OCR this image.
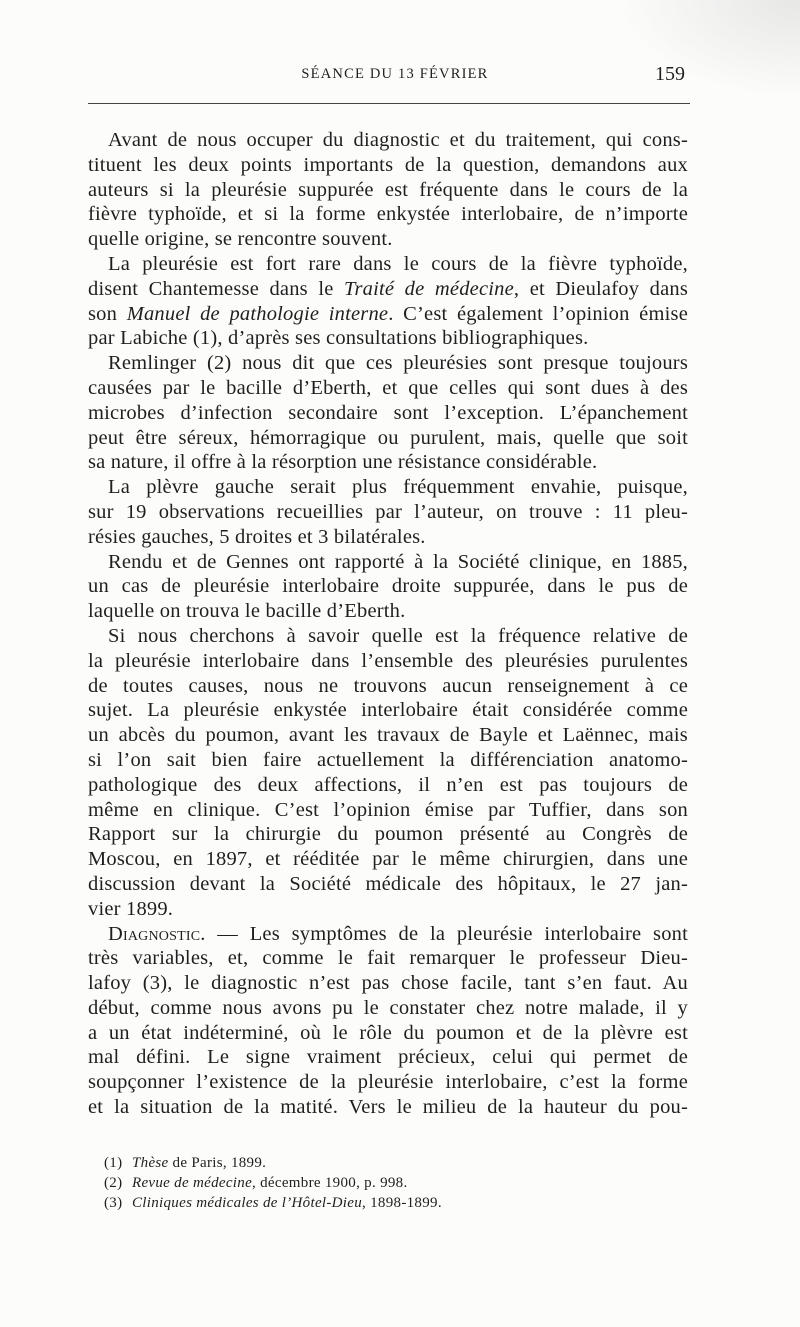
SÉANCE DU 13 FÉVRIER	159
Avant de nous occuper du diagnostic et du traitement, qui cons-
tituent les deux points importants de la question, demandons aux
auteurs si la pleurésie suppurée est fréquente dans le cours de la
fièvre typhoïde, et si la forme enkystée interlobaire, de n’importe
quelle origine, se rencontre souvent.
La pleurésie est fort rare dans le cours de la fièvre typhoïde,
disent Chantemesse dans le Traité de médecine, et Dieulafoy dans
son Manuel de pathologie interne. C’est également l’opinion émise
par Labiche (1), d’après ses consultations bibliographiques.
Remlinger (2) nous dit que ces pleurésies sont presque toujours
causées par le bacille d’Eberth, et que celles qui sont dues à des
microbes d’infection secondaire sont l’exception. L’épanchement
peut être séreux, hémorragique ou purulent, mais, quelle que soit
sa nature, il offre à la résorption une résistance considérable.
La plèvre gauche serait plus fréquemment envahie, puisque,
sur 19 observations recueillies par l’auteur, on trouve : 11 pleu-
résies gauches, 5 droites et 3 bilatérales.
Rendu et de Gennes ont rapporté à la Société clinique, en 1885,
un cas de pleurésie interlobaire droite suppurée, dans le pus de
laquelle on trouva le bacille d’Eberth.
Si nous cherchons à savoir quelle est la fréquence relative de
la pleurésie interlobaire dans l’ensemble des pleurésies purulentes
de toutes causes, nous ne trouvons aucun renseignement à ce
sujet. La pleurésie enkystée interlobaire était considérée comme
un abcès du poumon, avant les travaux de Bayle et Laënnec, mais
si l’on sait bien faire actuellement la différenciation anatomo-
pathologique des deux affections, il n’en est pas toujours de
même en clinique. C’est l’opinion émise par Tuffier, dans son
Rapport sur la chirurgie du poumon présenté au Congrès de
Moscou, en 1897, et rééditée par le même chirurgien, dans une
discussion devant la Société médicale des hôpitaux, le 27 jan-
vier 1899.
Diagnostic. — Les symptômes de la pleurésie interlobaire sont
très variables, et, comme le fait remarquer le professeur Dieu-
lafoy (3), le diagnostic n’est pas chose facile, tant s’en faut. Au
début, comme nous avons pu le constater chez notre malade, il y
a un état indéterminé, où le rôle du poumon et de la plèvre est
mal défini. Le signe vraiment précieux, celui qui permet de
soupçonner l’existence de la pleurésie interlobaire, c’est la forme
et la situation de la matité. Vers le milieu de la hauteur du pou-
(1) Thèse de Paris, 1899.
(2) Revue de médecine, décembre 1900, p. 998.
(3) Cliniques médicales de l’Hôtel-Dieu, 1898-1899.
